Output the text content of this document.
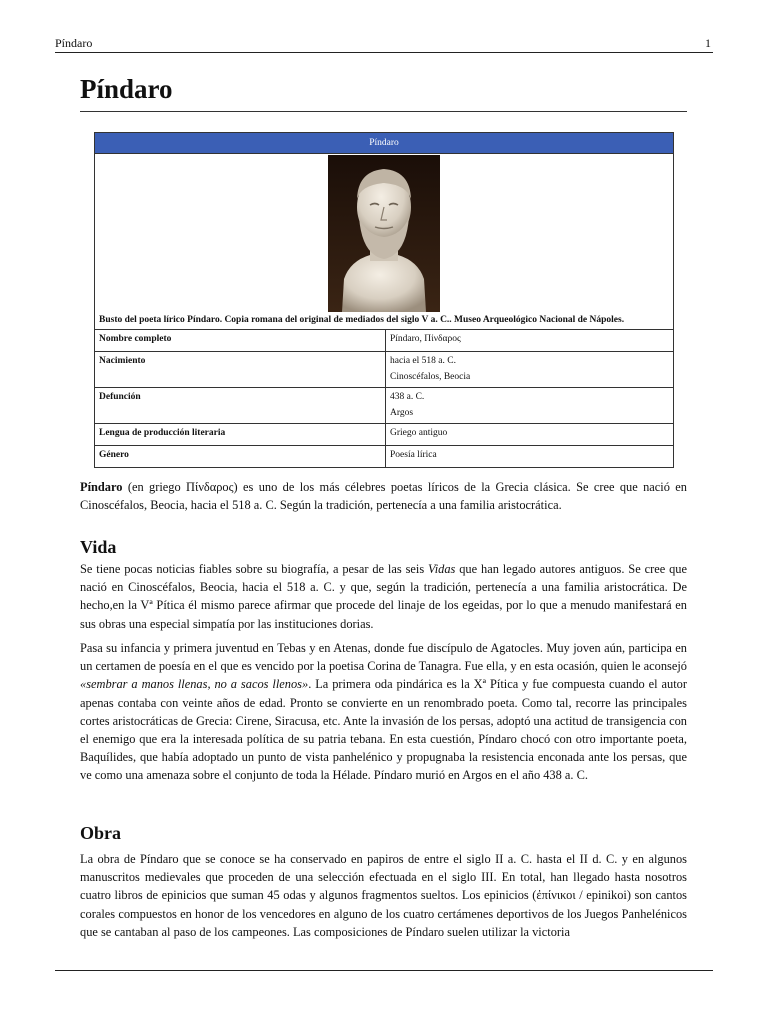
Píndaro	1
Píndaro
Píndaro	

Busto del poeta lírico Píndaro. Copia romana del original de mediados del siglo V a. C.. Museo Arqueológico Nacional de Nápoles.	
Nombre completo	Píndaro, Πίνδαρος
Nacimiento	hacia el 518 a. C.
Cinoscéfalos, Beocia

Defunción	438 a. C.
Argos

Lengua de producción literaria	Griego antiguo
Género	Poesía lírica

Píndaro (en griego Πίνδαρος) es uno de los más célebres poetas líricos de la Grecia clásica. Se cree que nació en Cinoscéfalos, Beocia, hacia el 518 a. C. Según la tradición, pertenecía a una familia aristocrática.

Vida

Se tiene pocas noticias fiables sobre su biografía, a pesar de las seis Vidas que han legado autores antiguos. Se cree que nació en Cinoscéfalos, Beocia, hacia el 518 a. C. y que, según la tradición, pertenecía a una familia aristocrática. De hecho,en la Vª Pítica él mismo parece afirmar que procede del linaje de los egeidas, por lo que a menudo manifestará en sus obras una especial simpatía por las instituciones dorias.

Pasa su infancia y primera juventud en Tebas y en Atenas, donde fue discípulo de Agatocles. Muy joven aún, participa en un certamen de poesía en el que es vencido por la poetisa Corina de Tanagra. Fue ella, y en esta ocasión, quien le aconsejó «sembrar a manos llenas, no a sacos llenos». La primera oda pindárica es la Xª Pítica y fue compuesta cuando el autor apenas contaba con veinte años de edad. Pronto se convierte en un renombrado poeta. Como tal, recorre las principales cortes aristocráticas de Grecia: Cirene, Siracusa, etc. Ante la invasión de los persas, adoptó una actitud de transigencia con el enemigo que era la interesada política de su patria tebana. En esta cuestión, Píndaro chocó con otro importante poeta, Baquílides, que había adoptado un punto de vista panhelénico y propugnaba la resistencia enconada ante los persas, que ve como una amenaza sobre el conjunto de toda la Hélade. Píndaro murió en Argos en el año 438 a. C.

Obra

La obra de Píndaro que se conoce se ha conservado en papiros de entre el siglo II a. C. hasta el II d. C. y en algunos manuscritos medievales que proceden de una selección efectuada en el siglo III. En total, han llegado hasta nosotros cuatro libros de epinicios que suman 45 odas y algunos fragmentos sueltos. Los epinicios (ἐπίνικοι / epinikoi) son cantos corales compuestos en honor de los vencedores en alguno de los cuatro certámenes deportivos de los Juegos Panhelénicos que se cantaban al paso de los campeones. Las composiciones de Píndaro suelen utilizar la victoria
